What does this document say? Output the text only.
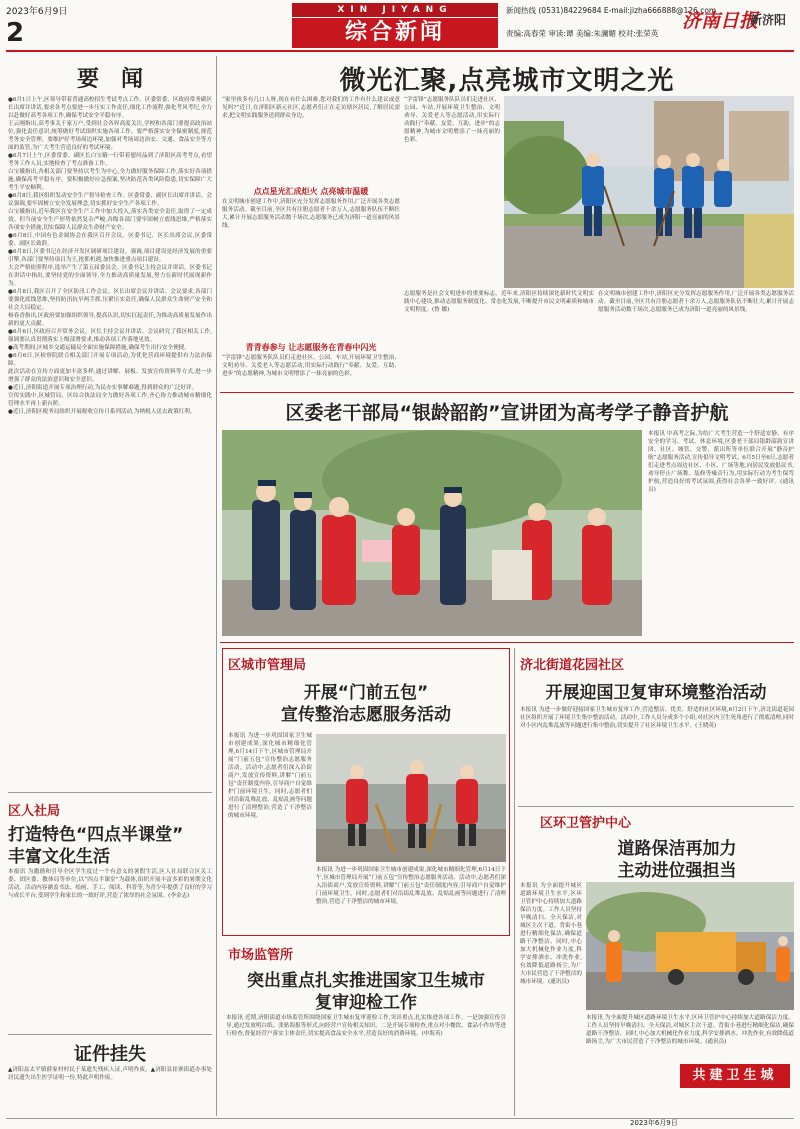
2023年6月9日
2
XIN JIYANG
综合新闻
新闻热线 (0531)84229684 E-mail:jizha666888@126.com
责编:高春荣 审读:谭 美编:朱澜媚 校对:张荣英
济南日报
新济阳
要　闻

●6月1日上午,区领导带着普通高校招生考试考点工作。区委常委、区政府常务副区长出席并讲话,要求各考点要进一步压实工作责任,细化工作流程,强化考风考纪,全力以赴做好高考各项工作,确保考试安全平稳有序。

王云刚指出,高考事关千家万户,受到社会各界高度关注,学校和各部门要提高政治站位,强化责任意识,统筹做好考试组织实施各项工作。要严格落实安全保密制度,规范考务安全管理。要维护好考场周边环境,加强对考场周边治安、交通、食品安全等方面的监管,为广大考生营造良好的考试环境。

●6月7日上午,区委常委、副区长白宝娥一行带着慰问品到了济阳区高考考点,看望考务工作人员,实地检查了考点准备工作。

白宝娥指出,各相关部门要坚持以考生为中心,全力做好服务保障工作,落实好各项措施,确保高考平稳有序。要积极做好应急预案,坚决防范各类风险隐患,切实保障广大考生平安顺利。

●6月8日,我区组织发动安全生产督导检查工作。区委常委、副区长出席并讲话。会议强调,要牢固树立安全发展理念,切实抓好安全生产各项工作。

白宝娥指出,近年我区在安全生产工作中加大投入,落实各类安全责任,取得了一定成效。但当前安全生产形势依然复杂严峻,各级各部门要牢固树立底线思维,严格落实各项安全措施,切实保障人民群众生命财产安全。

●6月8日,中国有色金属协会在我区召开会议。区委书记、区长出席会议,区委常委、副区长致辞。

●6月8日,区委书记在经济开发区调研项目建设。强调,项目建设是经济发展的重要引擎,各部门要坚持项目为王,抢抓机遇,加快推进重点项目建设。

大会严格依照程序,选举产生了第五届委员会。区委书记主持会议并讲话。区委书记在讲话中指出,要坚持党的全面领导,全力推动高质量发展,努力在新时代展现新作为。

●6月8日,我区召开了全区防汛工作会议。区长出席会议并讲话。会议要求,各部门要强化底线思维,坚持防汛抗旱两手抓,压紧压实责任,确保人民群众生命财产安全和社会大局稳定。

杨春香指出,区政府要加强组织领导,提高认识,切实扛起责任,为推动高质量发展作出新的更大贡献。

●6月6日,区政府召开常务会议。区长主持会议并讲话。会议研究了我区相关工作,强调要认真贯彻落实上级部署要求,推动各项工作落地见效。

●高考期间,区城乡交通运输局全面实施保障措施,确保考生出行安全便捷。

●6月6日,区检察院联合相关部门开展专项活动,为优化营商环境提供有力法治保障。

此次活动在宣传方面更加丰富多样,通过讲解、展板、发放宣传资料等方式,进一步增强了群众的法治意识和安全意识。

●近日,济阳街道开展专项治理行动,为民办实事解难题,得到群众的广泛好评。

宣传实践中,区城管局、区综合执法局全力做好各项工作,齐心协力推动城市精细化管理水平再上新台阶。

●近日,济阳区税务局组织开展税收宣传月系列活动,为纳税人送去政策红利。

区人社局
打造特色“四点半课堂”
丰富文化生活
本报讯 为激励和引导全区学生度过一个有意义的暑假生活,区人社局联合区关工委、团区委、教体局等单位,以“四点半课堂”为载体,组织开展丰富多彩的暑期文化活动。活动内容涵盖书法、绘画、手工、阅读、科普等,为青少年提供了良好的学习与成长平台,受到学生和家长的一致好评,营造了浓厚的社会氛围。(李金志)
证件挂失
▲济阳县太平镇薛家村村民于某遗失残疾人证,声明作废。▲济阳县崔寨街道办事处居民遗失出生医学证明一份,特此声明作废。
微光汇聚,点亮城市文明之光
“家里孩多有几口人呀,现在有什么困难,您对我们的工作有什么建议或意见吗?”近日,在济阳区新元社区,志愿者们正在走访辖区居民,了解居民需求,把文明实践服务送到群众身边。
点点星光汇成炬火 点亮城市温暖
在文明城市创建工作中,济阳区充分发挥志愿服务作用,广泛开展各类志愿服务活动。截至目前,全区共有注册志愿者十余万人,志愿服务队伍不断壮大,累计开展志愿服务活动数千场次,志愿服务已成为济阳一道亮丽的风景线。
青青春参与 让志愿服务在青春中闪光
“学雷锋”志愿服务队队员们走进社区、公园、车站,开展环境卫生整治、文明劝导、关爱老人等志愿活动,用实际行动践行“奉献、友爱、互助、进步”的志愿精神,为城市文明增添了一抹亮丽的色彩。
“学雷锋”志愿服务队队员们走进社区、公园、车站,开展环境卫生整治、文明劝导、关爱老人等志愿活动,用实际行动践行“奉献、友爱、互助、进步”的志愿精神,为城市文明增添了一抹亮丽的色彩。
志愿服务是社会文明进步的重要标志。近年来,济阳区持续深化新时代文明实践中心建设,推动志愿服务制度化、常态化发展,不断提升市民文明素质和城市文明程度。(鲁 娜)
在文明城市创建工作中,济阳区充分发挥志愿服务作用,广泛开展各类志愿服务活动。截至目前,全区共有注册志愿者十余万人,志愿服务队伍不断壮大,累计开展志愿服务活动数千场次,志愿服务已成为济阳一道亮丽的风景线。
区委老干部局“银龄韶韵”宣讲团为高考学子静音护航
本报讯 中高考之际,为给广大考生营造一个舒适安静、有序安全的学习、考试、休息环境,区委老干部局银龄韶韵宣讲团、社区、城管、交警、派出所等单位联合开展“静音护航”志愿服务活动,宣传倡导文明考试。6月5日至6日,志愿者们走进考点周边社区、小区、广场等地,向居民发放倡议书,劝导停止广场舞、装修等噪音行为,用实际行动为考生保驾护航,营造良好的考试氛围,获得社会各界一致好评。(通讯员)
区城市管理局
开展“门前五包”
宣传整治志愿服务活动
本报讯 为进一步巩固国家卫生城市创建成果,深化城市精细化管理,6月14日下午,区城市管理局开展“门前五包”宣传整治志愿服务活动。活动中,志愿者们深入沿街商户,发放宣传资料,讲解“门前五包”责任制度内容,引导商户自觉维护门前环境卫生。同时,志愿者们对沿街乱堆乱放、乱贴乱画等问题进行了清理整治,营造了干净整洁的城市环境。
本报讯 为进一步巩固国家卫生城市创建成果,深化城市精细化管理,6月14日下午,区城市管理局开展“门前五包”宣传整治志愿服务活动。活动中,志愿者们深入沿街商户,发放宣传资料,讲解“门前五包”责任制度内容,引导商户自觉维护门前环境卫生。同时,志愿者们对沿街乱堆乱放、乱贴乱画等问题进行了清理整治,营造了干净整洁的城市环境。
市场监管所
突出重点扎实推进国家卫生城市
复审迎检工作
本报讯 近期,济阳街道市场监管所围绕国家卫生城市复审迎检工作,突出重点,扎实推进各项工作。一是加强宣传引导,通过发放明白纸、张贴海报等形式,向经营户宣传相关知识。二是开展专项检查,重点对小餐饮、食品小作坊等进行检查,督促经营户落实主体责任,切实提高食品安全水平,营造良好的消费环境。(申海英)
济北街道花园社区
开展迎国卫复审环境整治活动
本报讯 为进一步做好迎接国家卫生城市复审工作,营造整洁、优美、舒适的社区环境,6月2日下午,济北街道花园社区组织开展了环境卫生集中整治活动。活动中,工作人员分成多个小组,对社区内卫生死角进行了彻底清理,同时对小区内乱堆乱放等问题进行集中整治,切实提升了社区环境卫生水平。(王晓英)
区环卫管护中心
道路保洁再加力
主动进位强担当
本报讯 为全面提升城区道路环境卫生水平,区环卫管护中心持续加大道路保洁力度。工作人员坚持早晚清扫、全天保洁,对城区主次干道、背街小巷进行精细化保洁,确保道路干净整洁。同时,中心加大机械化作业力度,科学安排洒水、冲洗作业,有效降低道路扬尘,为广大市民营造了干净整洁的城市环境。(通讯员)
本报讯 为全面提升城区道路环境卫生水平,区环卫管护中心持续加大道路保洁力度。工作人员坚持早晚清扫、全天保洁,对城区主次干道、背街小巷进行精细化保洁,确保道路干净整洁。同时,中心加大机械化作业力度,科学安排洒水、冲洗作业,有效降低道路扬尘,为广大市民营造了干净整洁的城市环境。(通讯员)
共建卫生城
2023年6月9日
